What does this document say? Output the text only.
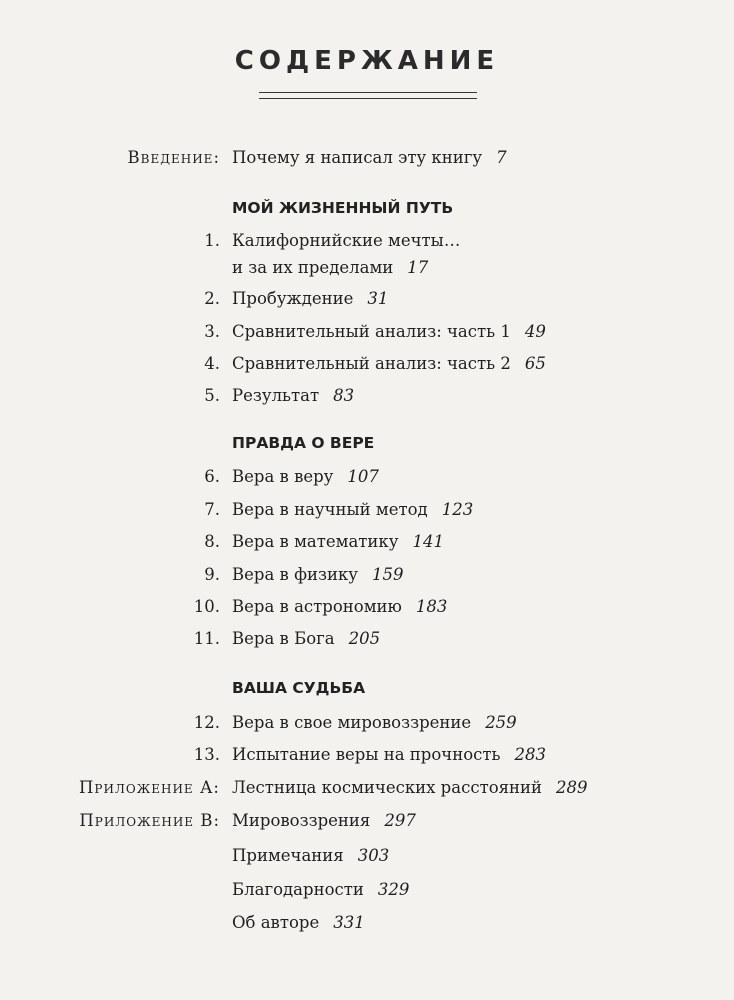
СОДЕРЖАНИЕ
Введение: Почему я написал эту книгу 7
МОЙ ЖИЗНЕННЫЙ ПУТЬ
1. Калифорнийские мечты…
и за их пределами 17
2. Пробуждение 31
3. Сравнительный анализ: часть 1 49
4. Сравнительный анализ: часть 2 65
5. Результат 83
ПРАВДА О ВЕРЕ
6. Вера в веру 107
7. Вера в научный метод 123
8. Вера в математику 141
9. Вера в физику 159
10. Вера в астрономию 183
11. Вера в Бога 205
ВАША СУДЬБА
12. Вера в свое мировоззрение 259
13. Испытание веры на прочность 283
Приложение А: Лестница космических расстояний 289
Приложение В: Мировоззрения 297
Примечания 303
Благодарности 329
Об авторе 331
